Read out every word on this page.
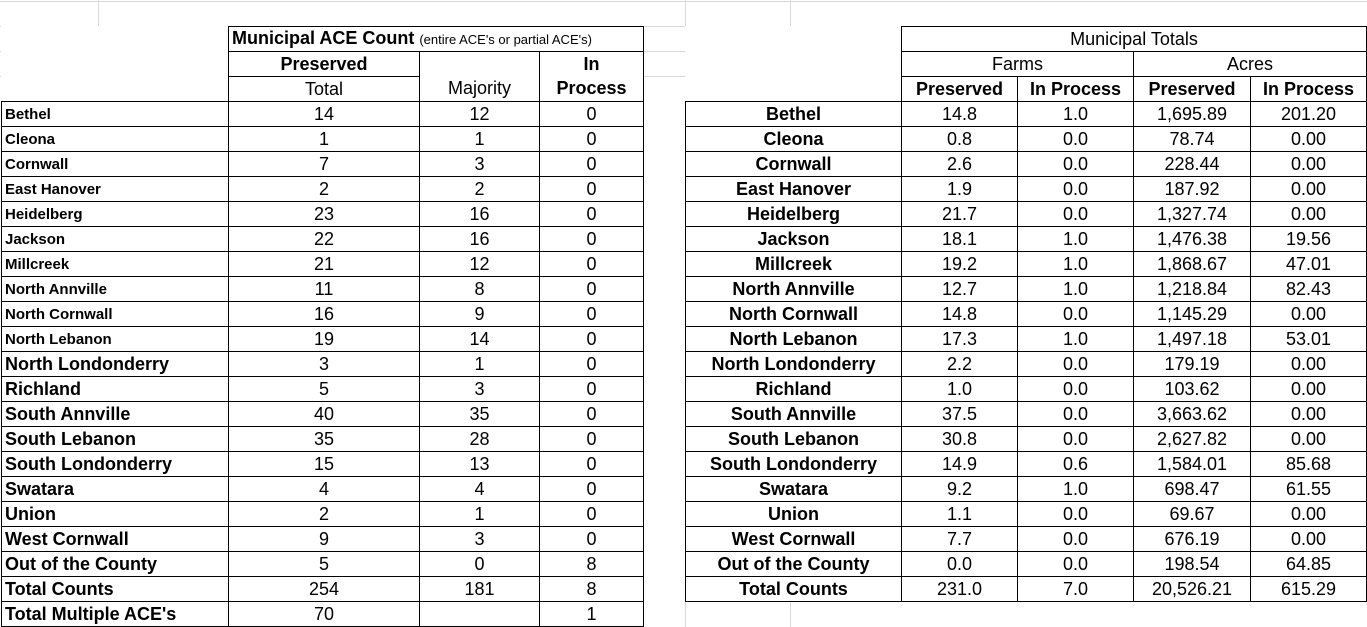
	Municipal ACE Count (entire ACE's or partial ACE's)		
	Preserved		In
	Total	Majority	Process
Bethel	14	12	0
Cleona	1	1	0
Cornwall	7	3	0
East Hanover	2	2	0
Heidelberg	23	16	0
Jackson	22	16	0
Millcreek	21	12	0
North Annville	11	8	0
North Cornwall	16	9	0
North Lebanon	19	14	0
North Londonderry	3	1	0
Richland	5	3	0
South Annville	40	35	0
South Lebanon	35	28	0
South Londonderry	15	13	0
Swatara	4	4	0
Union	2	1	0
West Cornwall	9	3	0
Out of the County	5	0	8
Total Counts	254	181	8
Total Multiple ACE's	70		1
	Municipal Totals			
	Farms		Acres	
	Preserved	In Process	Preserved	In Process
Bethel	14.8	1.0	1,695.89	201.20
Cleona	0.8	0.0	78.74	0.00
Cornwall	2.6	0.0	228.44	0.00
East Hanover	1.9	0.0	187.92	0.00
Heidelberg	21.7	0.0	1,327.74	0.00
Jackson	18.1	1.0	1,476.38	19.56
Millcreek	19.2	1.0	1,868.67	47.01
North Annville	12.7	1.0	1,218.84	82.43
North Cornwall	14.8	0.0	1,145.29	0.00
North Lebanon	17.3	1.0	1,497.18	53.01
North Londonderry	2.2	0.0	179.19	0.00
Richland	1.0	0.0	103.62	0.00
South Annville	37.5	0.0	3,663.62	0.00
South Lebanon	30.8	0.0	2,627.82	0.00
South Londonderry	14.9	0.6	1,584.01	85.68
Swatara	9.2	1.0	698.47	61.55
Union	1.1	0.0	69.67	0.00
West Cornwall	7.7	0.0	676.19	0.00
Out of the County	0.0	0.0	198.54	64.85
Total Counts	231.0	7.0	20,526.21	615.29
